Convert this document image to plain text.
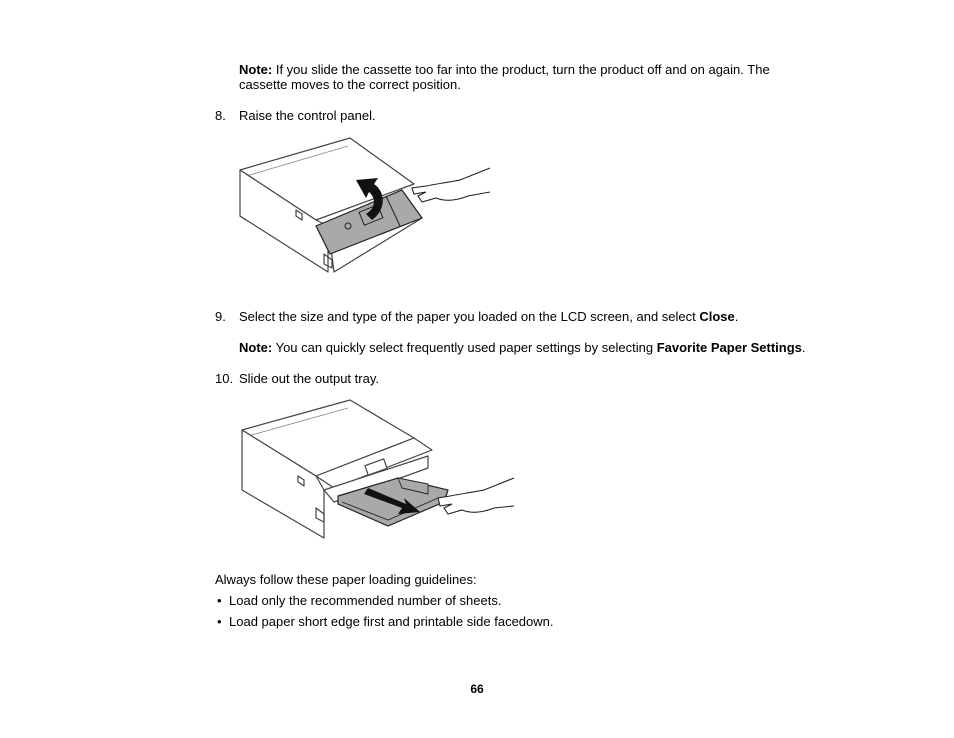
Note: If you slide the cassette too far into the product, turn the product off and on again. The
cassette moves to the correct position.
8.	Raise the control panel.
9.	Select the size and type of the paper you loaded on the LCD screen, and select Close.
Note: You can quickly select frequently used paper settings by selecting Favorite Paper Settings.
10. Slide out the output tray.
Always follow these paper loading guidelines:
• Load only the recommended number of sheets.
• Load paper short edge first and printable side facedown.
66
